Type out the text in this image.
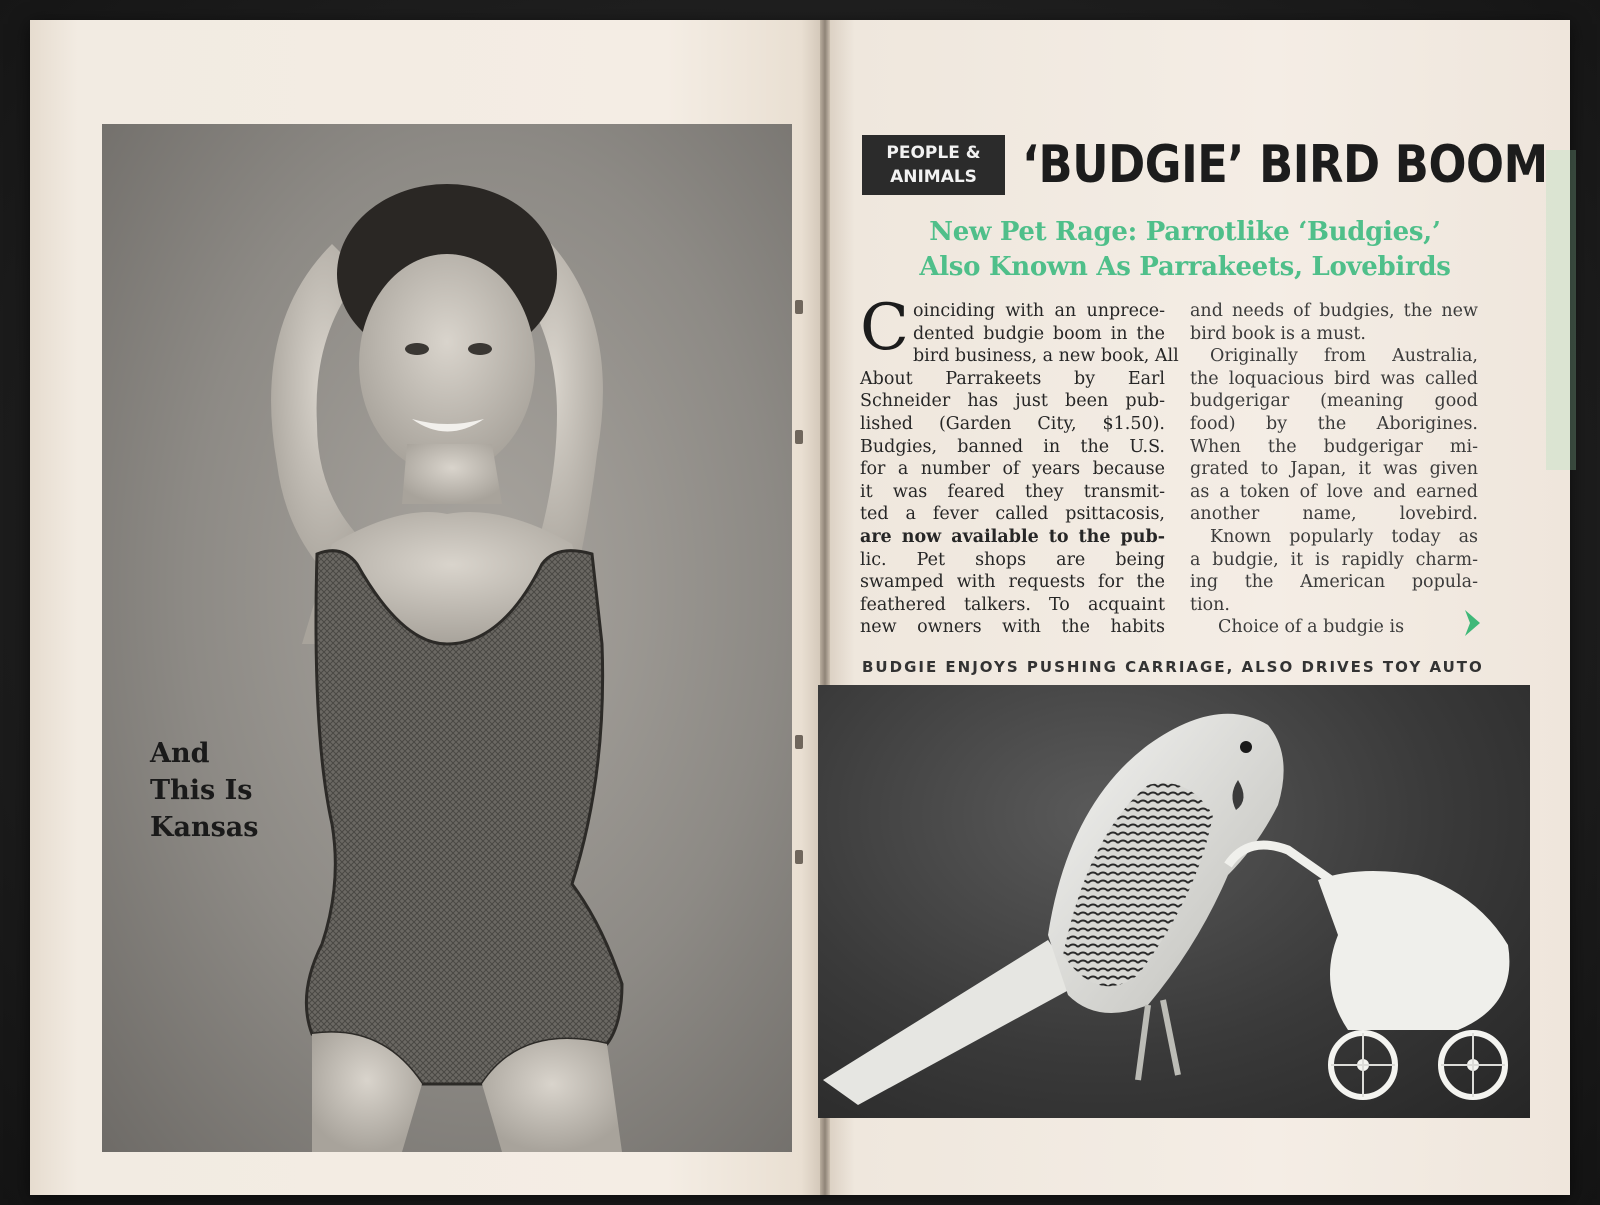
And
This Is
Kansas
PEOPLE &
ANIMALS ‘BUDGIE’ BIRD BOOM
New Pet Rage: Parrotlike ‘Budgies,’
Also Known As Parrakeets, Lovebirds
C oinciding with an unprece-
dented budgie boom in the
bird business, a new book, All
About Parrakeets by Earl
Schneider has just been pub-
lished (Garden City, $1.50).
Budgies, banned in the U.S.
for a number of years because
it was feared they transmit-
ted a fever called psittacosis,
are now available to the pub-
lic. Pet shops are being
swamped with requests for the
feathered talkers. To acquaint
new owners with the habits
and needs of budgies, the new
bird book is a must.
Originally from Australia,
the loquacious bird was called
budgerigar (meaning good
food) by the Aborigines.
When the budgerigar mi-
grated to Japan, it was given
as a token of love and earned
another name, lovebird.
Known popularly today as
a budgie, it is rapidly charm-
ing the American popula-
tion.
Choice of a budgie is
BUDGIE ENJOYS PUSHING CARRIAGE, ALSO DRIVES TOY AUTO
